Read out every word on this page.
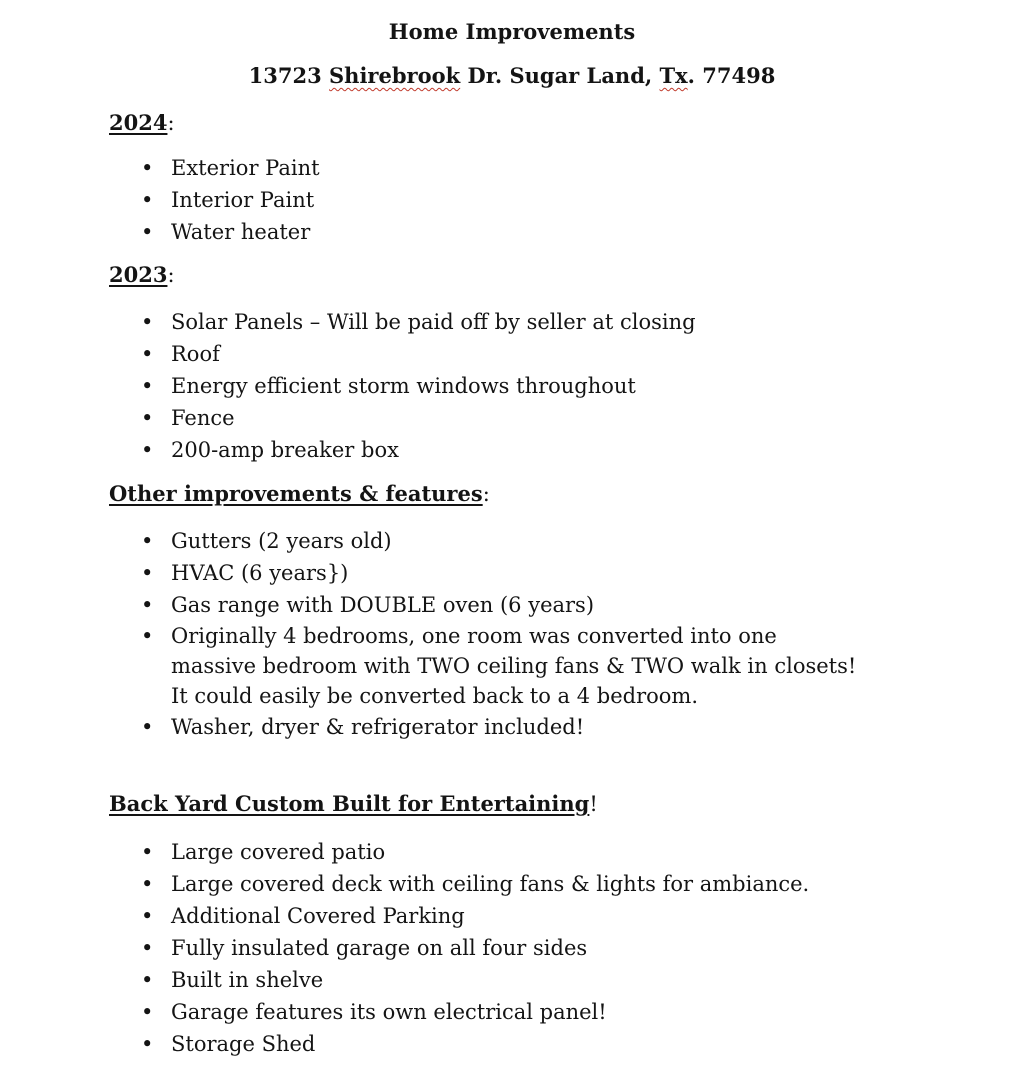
Home Improvements
13723 Shirebrook Dr. Sugar Land, Tx. 77498
2024:
• Exterior Paint
• Interior Paint
• Water heater
2023:
• Solar Panels – Will be paid off by seller at closing
• Roof
• Energy efficient storm windows throughout
• Fence
• 200-amp breaker box
Other improvements & features:
• Gutters (2 years old)
• HVAC (6 years})
• Gas range with DOUBLE oven (6 years)
• Originally 4 bedrooms, one room was converted into one massive bedroom with TWO ceiling fans & TWO walk in closets! It could easily be converted back to a 4 bedroom.
• Washer, dryer & refrigerator included!
Back Yard Custom Built for Entertaining!
• Large covered patio
• Large covered deck with ceiling fans & lights for ambiance.
• Additional Covered Parking
• Fully insulated garage on all four sides
• Built in shelve
• Garage features its own electrical panel!
• Storage Shed
